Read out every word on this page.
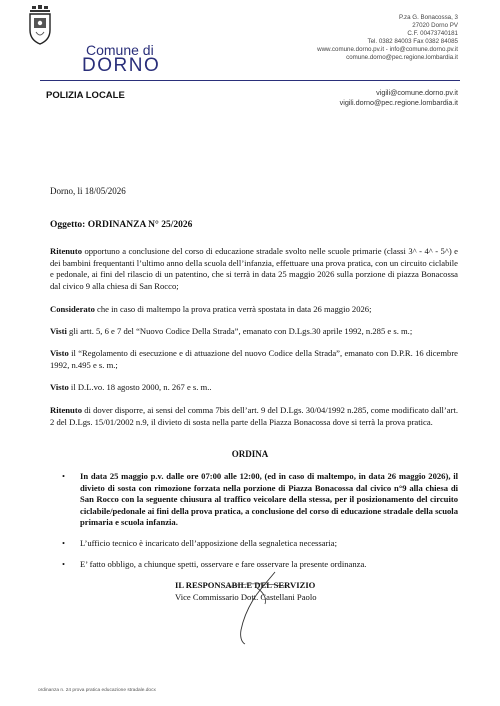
Comune di
DORNO
POLIZIA LOCALE
P.za G. Bonacossa, 3
27020 Dorno PV
C.F. 00473740181
Tel. 0382 84003 Fax 0382 84085
www.comune.dorno.pv.it - info@comune.dorno.pv.it
comune.dorno@pec.regione.lombardia.it
vigili@comune.dorno.pv.it
vigili.dorno@pec.regione.lombardia.it
Dorno, li 18/05/2026
Oggetto: ORDINANZA N° 25/2026
Ritenuto opportuno a conclusione del corso di educazione stradale svolto nelle scuole primarie (classi 3^ - 4^ - 5^) e dei bambini frequentanti l’ultimo anno della scuola dell’infanzia, effettuare una prova pratica, con un circuito ciclabile e pedonale, ai fini del rilascio di un patentino, che si terrà in data 25 maggio 2026 sulla porzione di piazza Bonacossa dal civico 9 alla chiesa di San Rocco;
Considerato che in caso di maltempo la prova pratica verrà spostata in data 26 maggio 2026;
Visti gli artt. 5, 6 e 7 del “Nuovo Codice Della Strada”, emanato con D.Lgs.30 aprile 1992, n.285 e s. m.;
Visto il “Regolamento di esecuzione e di attuazione del nuovo Codice della Strada”, emanato con D.P.R. 16 dicembre 1992, n.495 e s. m.;
Visto il D.L.vo. 18 agosto 2000, n. 267 e s. m..
Ritenuto di dover disporre, ai sensi del comma 7bis dell’art. 9 del D.Lgs. 30/04/1992 n.285, come modificato dall’art. 2 del D.Lgs. 15/01/2002 n.9, il divieto di sosta nella parte della Piazza Bonacossa dove si terrà la prova pratica.
ORDINA
•	In data 25 maggio p.v. dalle ore 07:00 alle 12:00, (ed in caso di maltempo, in data 26 maggio 2026), il divieto di sosta con rimozione forzata nella porzione di Piazza Bonacossa dal civico n°9 alla chiesa di San Rocco con la seguente chiusura al traffico veicolare della stessa, per il posizionamento del circuito ciclabile/pedonale ai fini della prova pratica, a conclusione del corso di educazione stradale della scuola primaria e scuola infanzia.
•	L’ufficio tecnico è incaricato dell’apposizione della segnaletica necessaria;
•	E’ fatto obbligo, a chiunque spetti, osservare e fare osservare la presente ordinanza.
IL RESPONSABILE DEL SERVIZIO
Vice Commissario Dott. Castellani Paolo
ordinanza n. 24 prova pratica educazione stradale.docx
